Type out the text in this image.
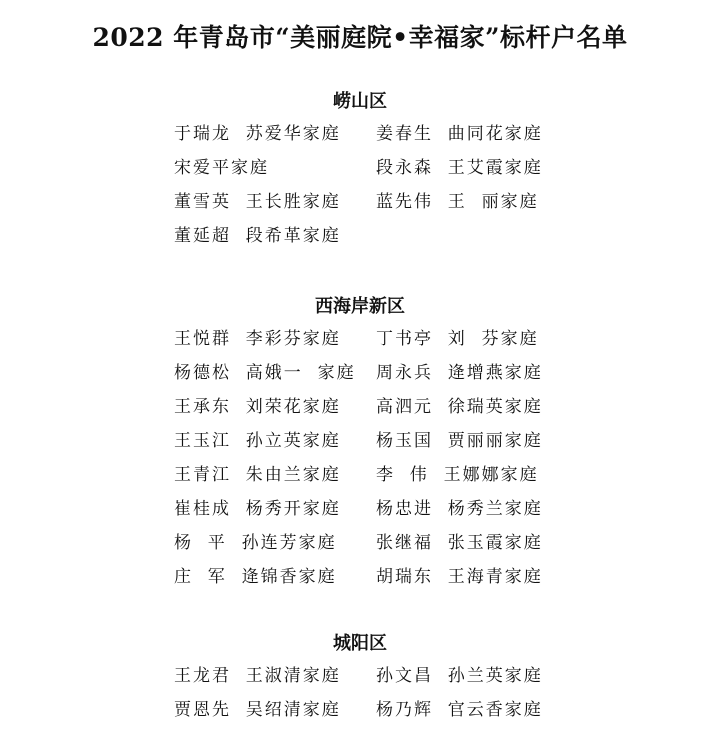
2022 年青岛市“美丽庭院•幸福家”标杆户名单
崂山区
于瑞龙  苏爱华家庭 姜春生  曲同花家庭
宋爱平家庭	段永森  王艾霞家庭
董雪英  王长胜家庭 蓝先伟  王  丽家庭
董延超  段希革家庭
西海岸新区
王悦群  李彩芬家庭 丁书亭  刘  芬家庭
杨德松  高娥一  家庭 周永兵  逄增燕家庭
王承东  刘荣花家庭 高泗元  徐瑞英家庭
王玉江  孙立英家庭 杨玉国  贾丽丽家庭
王青江  朱由兰家庭 李  伟  王娜娜家庭
崔桂成  杨秀开家庭 杨忠进  杨秀兰家庭
杨  平  孙连芳家庭 张继福  张玉霞家庭
庄  军  逄锦香家庭 胡瑞东  王海青家庭
城阳区
王龙君  王淑清家庭 孙文昌  孙兰英家庭
贾恩先  吴绍清家庭 杨乃辉  官云香家庭
